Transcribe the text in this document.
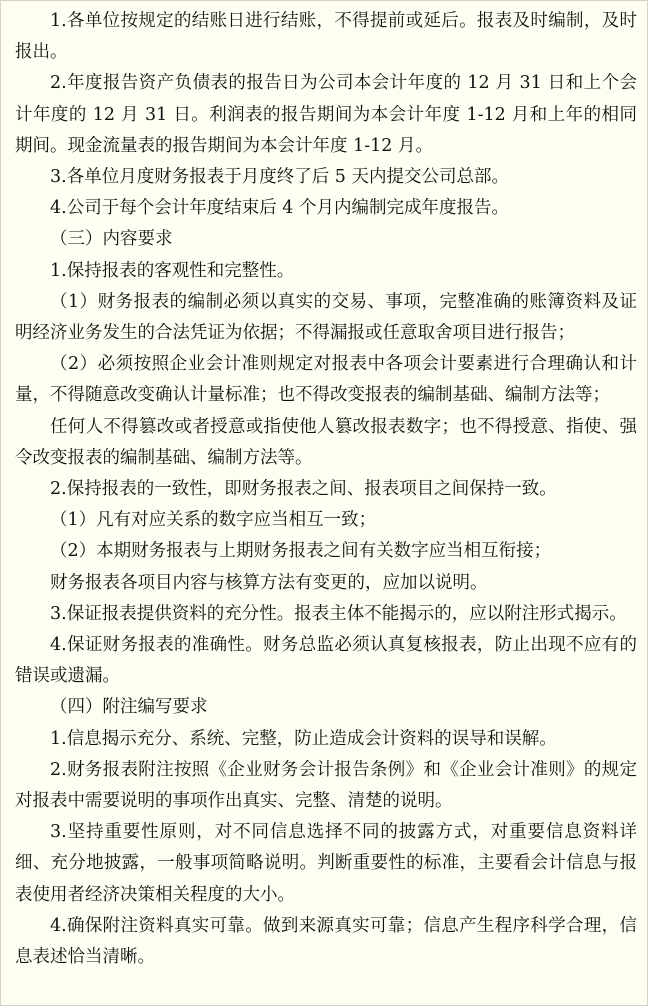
1.各单位按规定的结账日进行结账，不得提前或延后。报表及时编制，及时报出。

2.年度报告资产负债表的报告日为公司本会计年度的 12 月 31 日和上个会计年度的 12 月 31 日。利润表的报告期间为本会计年度 1-12 月和上年的相同期间。现金流量表的报告期间为本会计年度 1-12 月。

3.各单位月度财务报表于月度终了后 5 天内提交公司总部。

4.公司于每个会计年度结束后 4 个月内编制完成年度报告。

（三）内容要求

1.保持报表的客观性和完整性。

（1）财务报表的编制必须以真实的交易、事项，完整准确的账簿资料及证明经济业务发生的合法凭证为依据；不得漏报或任意取舍项目进行报告；

（2）必须按照企业会计准则规定对报表中各项会计要素进行合理确认和计量，不得随意改变确认计量标准；也不得改变报表的编制基础、编制方法等；

任何人不得篡改或者授意或指使他人篡改报表数字；也不得授意、指使、强令改变报表的编制基础、编制方法等。

2.保持报表的一致性，即财务报表之间、报表项目之间保持一致。

（1）凡有对应关系的数字应当相互一致；

（2）本期财务报表与上期财务报表之间有关数字应当相互衔接；

财务报表各项目内容与核算方法有变更的，应加以说明。

3.保证报表提供资料的充分性。报表主体不能揭示的，应以附注形式揭示。

4.保证财务报表的准确性。财务总监必须认真复核报表，防止出现不应有的错误或遗漏。

（四）附注编写要求

1.信息揭示充分、系统、完整，防止造成会计资料的误导和误解。

2.财务报表附注按照《企业财务会计报告条例》和《企业会计准则》的规定对报表中需要说明的事项作出真实、完整、清楚的说明。

3.坚持重要性原则，对不同信息选择不同的披露方式，对重要信息资料详细、充分地披露，一般事项简略说明。判断重要性的标准，主要看会计信息与报表使用者经济决策相关程度的大小。

4.确保附注资料真实可靠。做到来源真实可靠；信息产生程序科学合理，信息表述恰当清晰。
